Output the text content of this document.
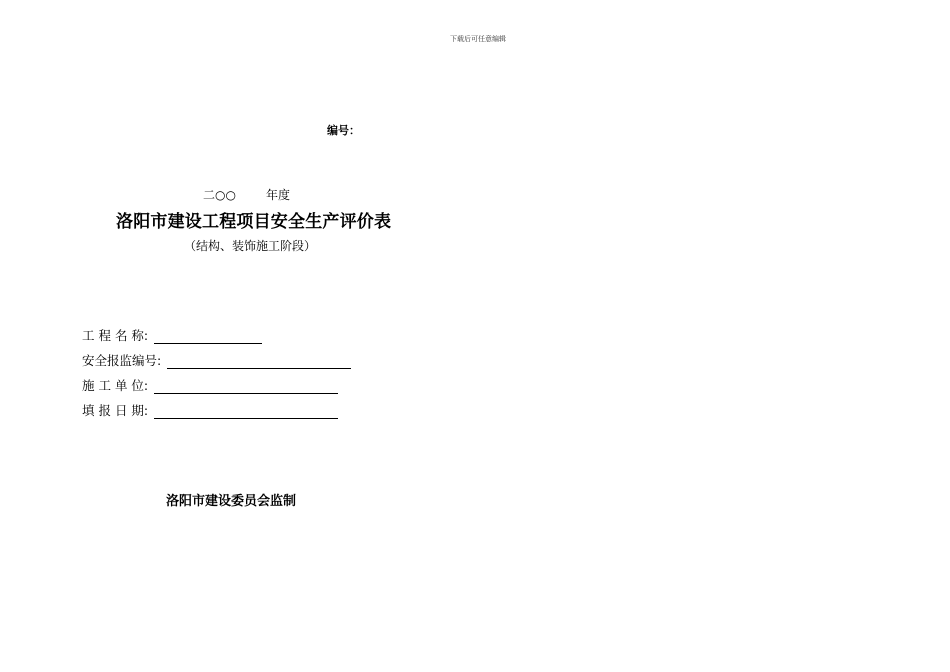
下载后可任意编辑
编号：
二○○	年度
洛阳市建设工程项目安全生产评价表
（结构、装饰施工阶段）
工 程 名 称:
安全报监编号:
施 工 单 位:
填 报 日 期:
洛阳市建设委员会监制
